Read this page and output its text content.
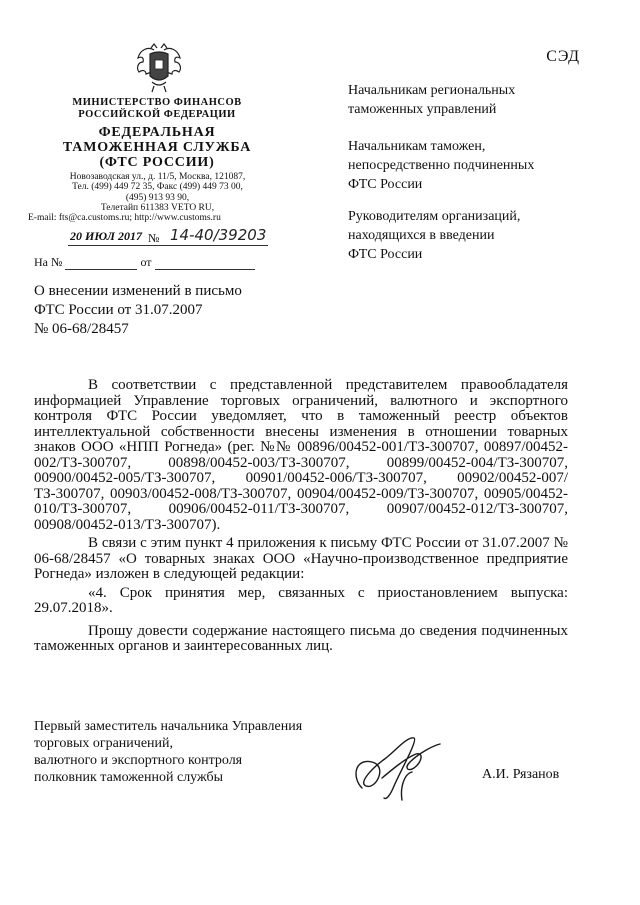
СЭД
МИНИСТЕРСТВО ФИНАНСОВ
РОССИЙСКОЙ ФЕДЕРАЦИИ
ФЕДЕРАЛЬНАЯ
ТАМОЖЕННАЯ СЛУЖБА
(ФТС РОССИИ)
Новозаводская ул., д. 11/5, Москва, 121087,
Тел. (499) 449 72 35, Факс (499) 449 73 00,
(495) 913 93 90,
Телетайп 611383 VETO RU,
E-mail: fts@ca.customs.ru; http://www.customs.ru
20 ИЮЛ 2017 № 14-40/39203
На №	от
Начальникам региональных
таможенных управлений
Начальникам таможен,
непосредственно подчиненных
ФТС России
Руководителям организаций,
находящихся в введении
ФТС России
О внесении изменений в письмо
ФТС России от 31.07.2007
№ 06-68/28457

В соответствии с представленной представителем правообладателя информацией Управление торговых ограничений, валютного и экспортного контроля ФТС России уведомляет, что в таможенный реестр объектов интеллектуальной собственности внесены изменения в отношении товарных знаков ООО «НПП Рогнеда» (рег. №№ 00896/00452-001/ТЗ-300707, 00897/00452-002/ТЗ-300707, 00898/00452-003/ТЗ-300707, 00899/00452-004/ТЗ-300707, 00900/00452-005/ТЗ-300707, 00901/00452-006/ТЗ-300707, 00902/00452-007/ТЗ-300707, 00903/00452-008/ТЗ-300707, 00904/00452-009/ТЗ-300707, 00905/00452-010/ТЗ-300707, 00906/00452-011/ТЗ-300707, 00907/00452-012/ТЗ-300707, 00908/00452-013/ТЗ-300707).

В связи с этим пункт 4 приложения к письму ФТС России от 31.07.2007 № 06-68/28457 «О товарных знаках ООО «Научно-производственное предприятие Рогнеда» изложен в следующей редакции:

«4. Срок принятия мер, связанных с приостановлением выпуска: 29.07.2018».

Прошу довести содержание настоящего письма до сведения подчиненных таможенных органов и заинтересованных лиц.

Первый заместитель начальника Управления
торговых ограничений,
валютного и экспортного контроля
полковник таможенной службы	А.И. Рязанов
